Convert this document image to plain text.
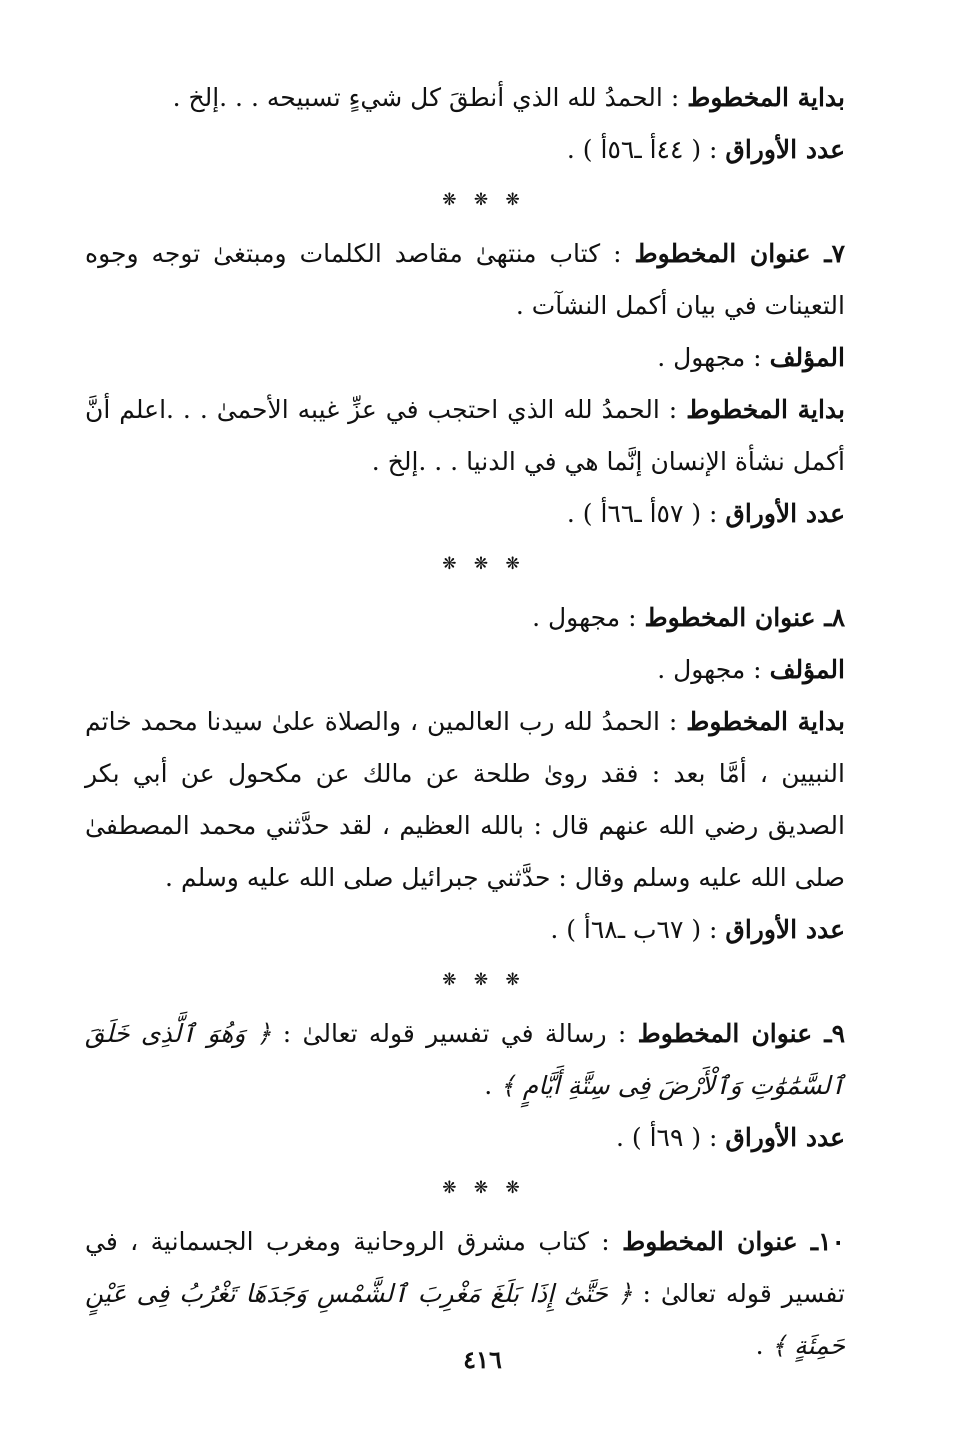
بداية المخطوط : الحمدُ لله الذي أنطقَ كل شيءٍ تسبيحه . . .إلخ .

عدد الأوراق : ( ٤٤أ ـ٥٦أ ) .

❋ ❋ ❋

٧ـ عنوان المخطوط : كتاب منتهىٰ مقاصد الكلمات ومبتغىٰ توجه وجوه التعينات في بيان أكمل النشآت .

المؤلف : مجهول .

بداية المخطوط : الحمدُ لله الذي احتجب في عزِّ غيبه الأحمىٰ . . .اعلم أنَّ أكمل نشأة الإنسان إنَّما هي في الدنيا . . .إلخ .

عدد الأوراق : ( ٥٧أ ـ٦٦أ ) .

❋ ❋ ❋

٨ـ عنوان المخطوط : مجهول .

المؤلف : مجهول .

بداية المخطوط : الحمدُ لله رب العالمين ، والصلاة علىٰ سيدنا محمد خاتم النبيين ، أمَّا بعد : فقد روىٰ طلحة عن مالك عن مكحول عن أبي بكر الصديق رضي الله عنهم قال : بالله العظيم ، لقد حدَّثني محمد المصطفىٰ صلى الله عليه وسلم وقال : حدَّثني جبرائيل صلى الله عليه وسلم .

عدد الأوراق : ( ٦٧ب ـ٦٨أ ) .

❋ ❋ ❋

٩ـ عنوان المخطوط : رسالة في تفسير قوله تعالىٰ : ﴿ وَهُوَ ٱلَّذِى خَلَقَ ٱلسَّمَٰوَٰتِ وَٱلْأَرْضَ فِى سِتَّةِ أَيَّامٍ ﴾ .

عدد الأوراق : ( ٦٩أ ) .

❋ ❋ ❋

١٠ـ عنوان المخطوط : كتاب مشرق الروحانية ومغرب الجسمانية ، في تفسير قوله تعالىٰ : ﴿ حَتَّىٰٓ إِذَا بَلَغَ مَغْرِبَ ٱلشَّمْسِ وَجَدَهَا تَغْرُبُ فِى عَيْنٍ حَمِئَةٍ ﴾ .

٤١٦
